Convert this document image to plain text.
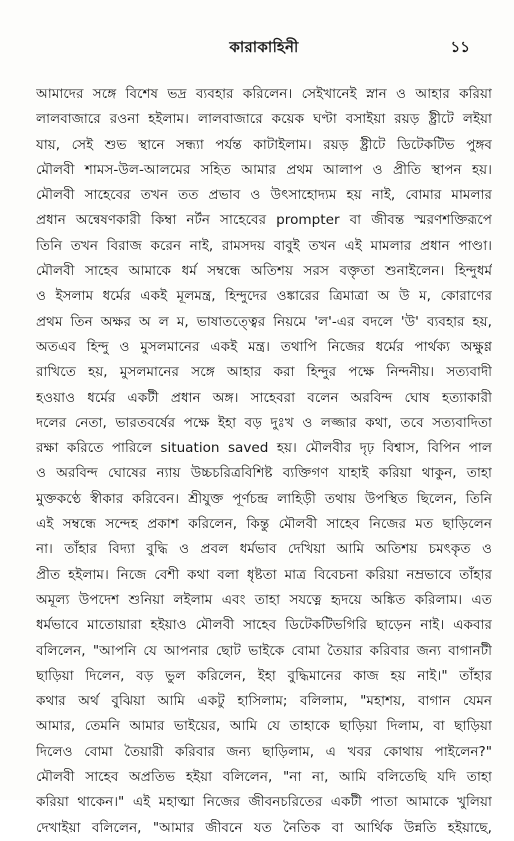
কারাকাহিনী	১১
আমাদের সঙ্গে বিশেষ ভদ্র ব্যবহার করিলেন। সেইখানেই স্নান ও আহার করিয়া
লালবাজারে রওনা হইলাম। লালবাজারে কয়েক ঘণ্টা বসাইয়া রয়ড় ষ্ট্রীটে লইয়া
যায়, সেই শুভ স্থানে সন্ধ্যা পর্যন্ত কাটাইলাম। রয়ড় ষ্ট্রীটে ডিটেকটিভ পুঙ্গব
মৌলবী শামস-উল-আলমের সহিত আমার প্রথম আলাপ ও প্রীতি স্থাপন হয়।
মৌলবী সাহেবের তখন তত প্রভাব ও উৎসাহোদ্যম হয় নাই, বোমার মামলার
প্রধান অন্বেষণকারী কিম্বা নর্টন সাহেবের prompter বা জীবন্ত স্মরণশক্তিরূপে
তিনি তখন বিরাজ করেন নাই, রামসদয় বাবুই তখন এই মামলার প্রধান পাণ্ডা।
মৌলবী সাহেব আমাকে ধর্ম সম্বন্ধে অতিশয় সরস বক্তৃতা শুনাইলেন। হিন্দুধর্ম
ও ইসলাম ধর্মের একই মূলমন্ত্র, হিন্দুদের ওঙ্কারের ত্রিমাত্রা অ উ ম, কোরাণের
প্রথম তিন অক্ষর অ ল ম, ভাষাতত্ত্বের নিয়মে 'ল'-এর বদলে 'উ' ব্যবহার হয়,
অতএব হিন্দু ও মুসলমানের একই মন্ত্র। তথাপি নিজের ধর্মের পার্থক্য অক্ষুণ্ণ
রাখিতে হয়, মুসলমানের সঙ্গে আহার করা হিন্দুর পক্ষে নিন্দনীয়। সত্যবাদী
হওয়াও ধর্মের একটী প্রধান অঙ্গ। সাহেবরা বলেন অরবিন্দ ঘোষ হত্যাকারী
দলের নেতা, ভারতবর্ষের পক্ষে ইহা বড় দুঃখ ও লজ্জার কথা, তবে সত্যবাদিতা
রক্ষা করিতে পারিলে situation saved হয়। মৌলবীর দৃঢ় বিশ্বাস, বিপিন পাল
ও অরবিন্দ ঘোষের ন্যায় উচ্চচরিত্রবিশিষ্ট ব্যক্তিগণ যাহাই করিয়া থাকুন, তাহা
মুক্তকণ্ঠে স্বীকার করিবেন। শ্রীযুক্ত পূর্ণচন্দ্র লাহিড়ী তথায় উপস্থিত ছিলেন, তিনি
এই সম্বন্ধে সন্দেহ প্রকাশ করিলেন, কিন্তু মৌলবী সাহেব নিজের মত ছাড়িলেন
না। তাঁহার বিদ্যা বুদ্ধি ও প্রবল ধর্মভাব দেখিয়া আমি অতিশয় চমৎকৃত ও
প্রীত হইলাম। নিজে বেশী কথা বলা ধৃষ্টতা মাত্র বিবেচনা করিয়া নম্রভাবে তাঁহার
অমূল্য উপদেশ শুনিয়া লইলাম এবং তাহা সযত্নে হৃদয়ে অঙ্কিত করিলাম। এত
ধর্মভাবে মাতোয়ারা হইয়াও মৌলবী সাহেব ডিটেকটিভগিরি ছাড়েন নাই। একবার
বলিলেন, "আপনি যে আপনার ছোট ভাইকে বোমা তৈয়ার করিবার জন্য বাগানটী
ছাড়িয়া দিলেন, বড় ভুল করিলেন, ইহা বুদ্ধিমানের কাজ হয় নাই।" তাঁহার
কথার অর্থ বুঝিয়া আমি একটু হাসিলাম; বলিলাম, "মহাশয়, বাগান যেমন
আমার, তেমনি আমার ভাইয়ের, আমি যে তাহাকে ছাড়িয়া দিলাম, বা ছাড়িয়া
দিলেও বোমা তৈয়ারী করিবার জন্য ছাড়িলাম, এ খবর কোথায় পাইলেন?"
মৌলবী সাহেব অপ্রতিভ হইয়া বলিলেন, "না না, আমি বলিতেছি যদি তাহা
করিয়া থাকেন।" এই মহাত্মা নিজের জীবনচরিতের একটী পাতা আমাকে খুলিয়া
দেখাইয়া বলিলেন, "আমার জীবনে যত নৈতিক বা আর্থিক উন্নতি হইয়াছে,
